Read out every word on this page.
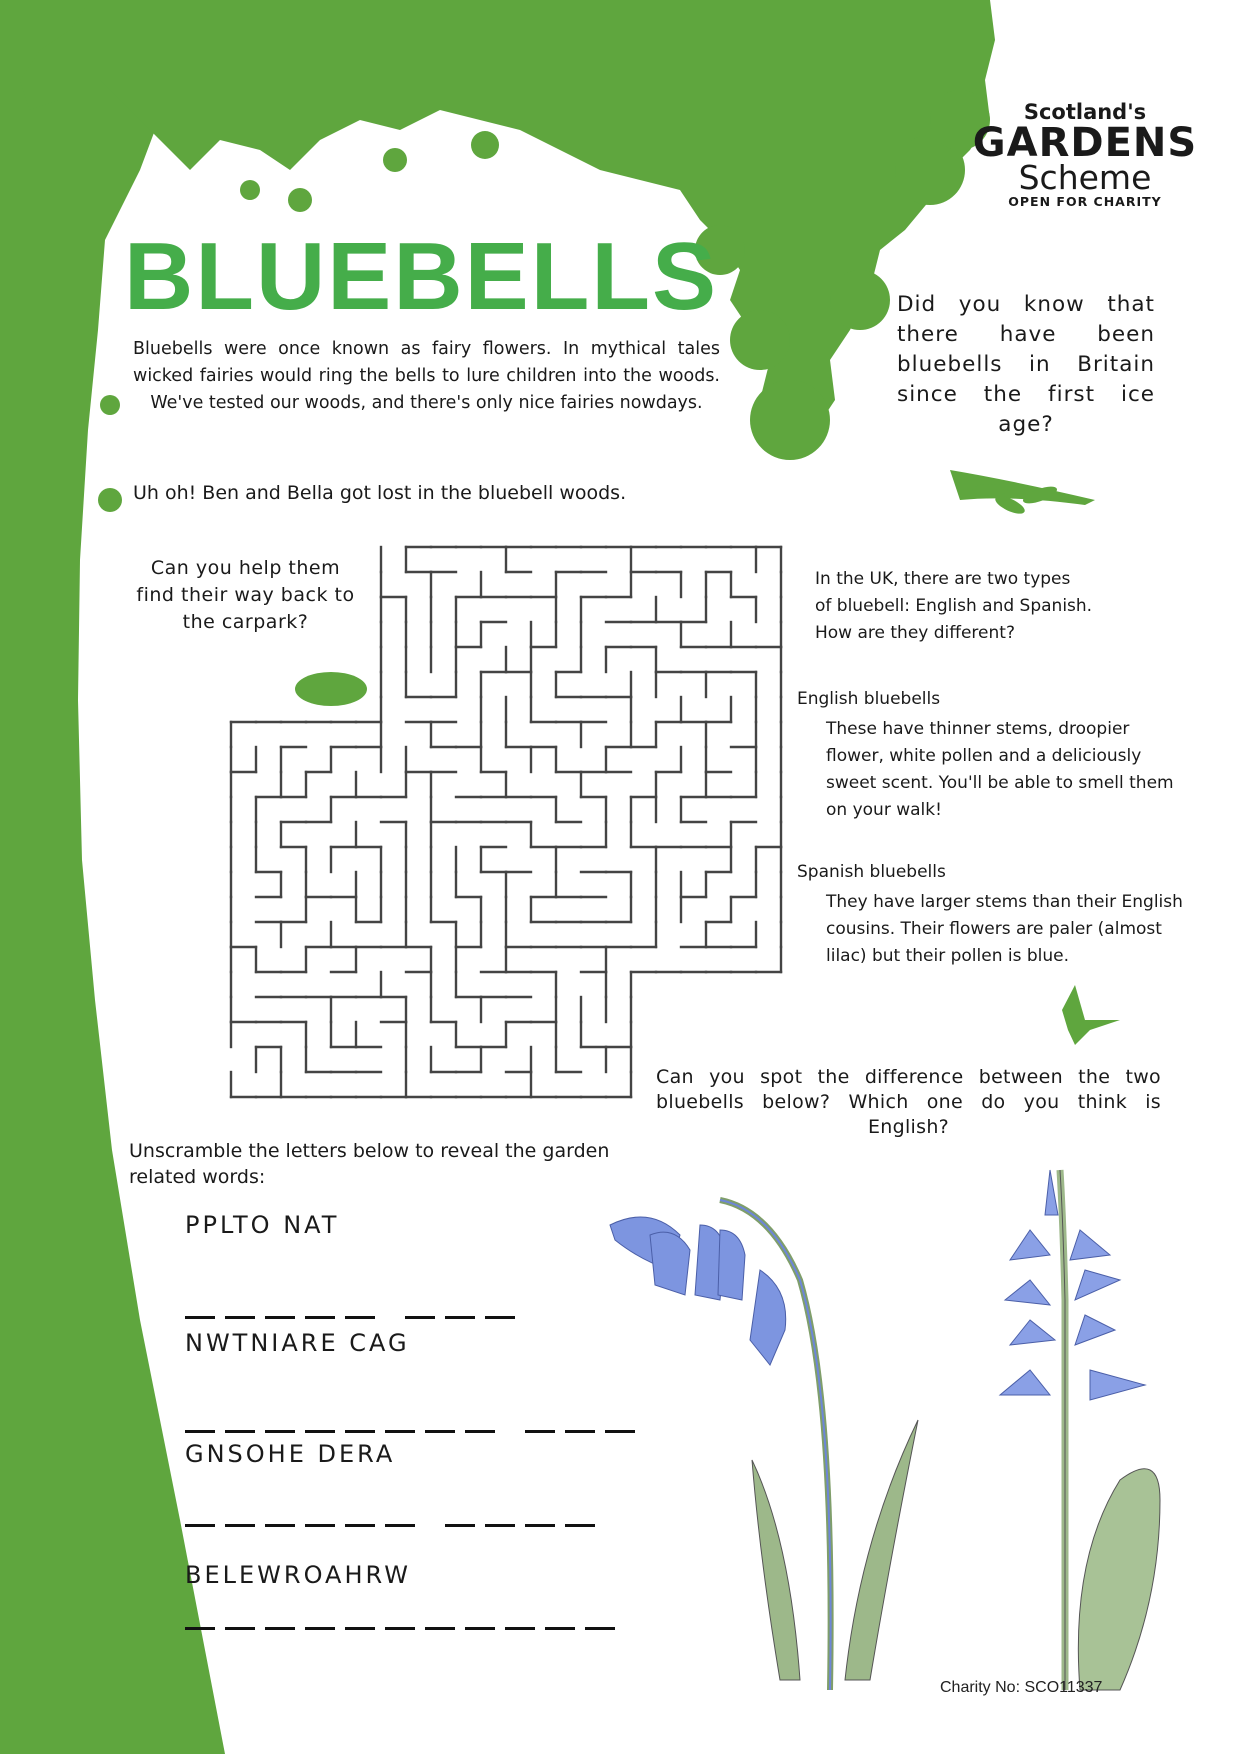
Scotland's
GARDENS
Scheme
OPEN FOR CHARITY
BLUEBELLS
Bluebells were once known as fairy flowers. In mythical tales wicked fairies would ring the bells to lure children into the woods. We've tested our woods, and there's only nice fairies nowdays.
Did you know that there have been bluebells in Britain since the first ice age?
Uh oh! Ben and Bella got lost in the bluebell woods.
Can you help them find their way back to the carpark?
In the UK, there are two types
of bluebell: English and Spanish.
How are they different?
English bluebells
These have thinner stems, droopier flower, white pollen and a deliciously sweet scent. You'll be able to smell them on your walk!
Spanish bluebells
They have larger stems than their English cousins. Their flowers are paler (almost lilac) but their pollen is blue.
Can you spot the difference between the two bluebells below? Which one do you think is English?
Unscramble the letters below to reveal the garden related words:
PPLTO NAT
NWTNIARE CAG
GNSOHE DERA
BELEWROAHRW
Charity No: SCO11337
